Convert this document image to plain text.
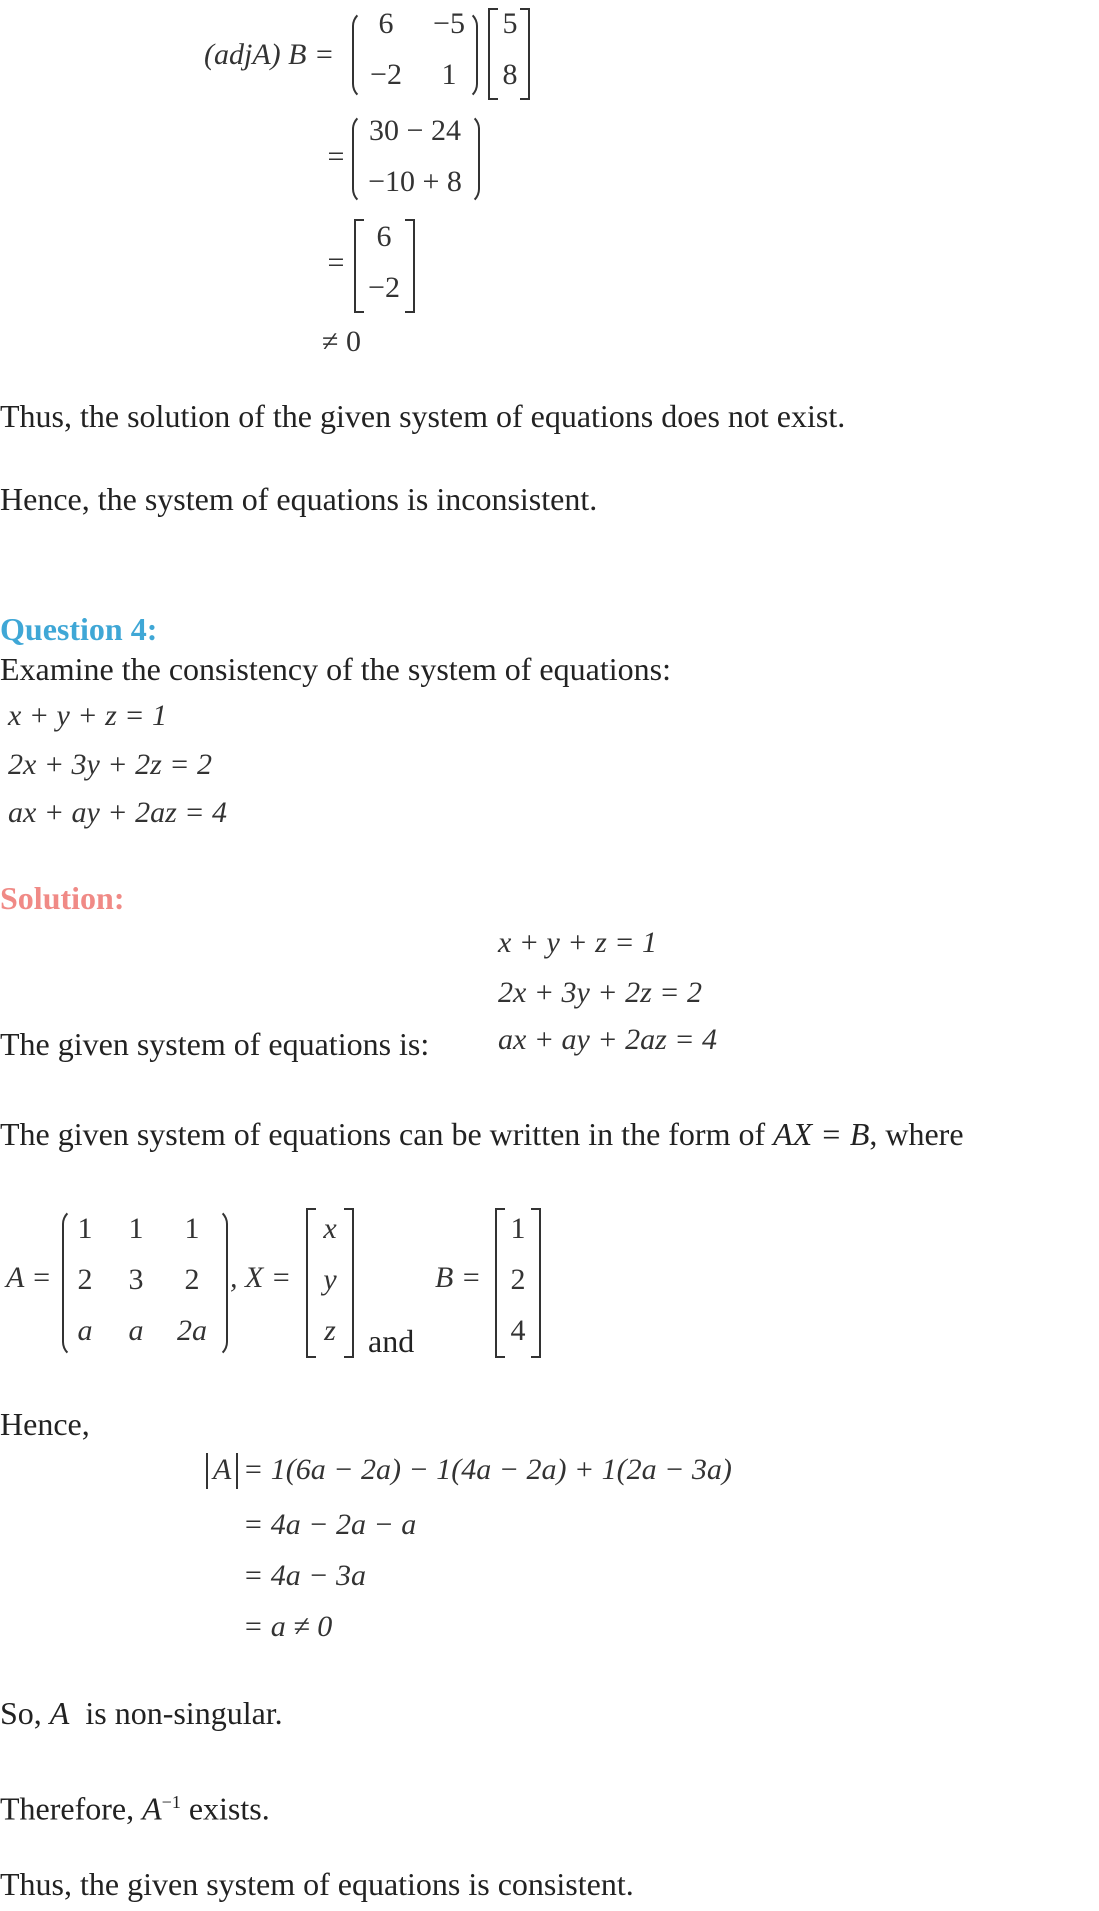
(adjA) B =
6 −5
−2 1
5
8
=
30 − 24
−10 + 8
=
6
−2
≠ 0
Thus, the solution of the given system of equations does not exist.
Hence, the system of equations is inconsistent.
Question 4:
Examine the consistency of the system of equations:
x + y + z = 1
2x + 3y + 2z = 2
ax + ay + 2az = 4
Solution:
x + y + z = 1
2x + 3y + 2z = 2
ax + ay + 2az = 4
The given system of equations is:
The given system of equations can be written in the form of AX = B, where
A =
1 1 1
2 3 2
a a 2a
, X =
x
y
z and
B =
1
2
4
Hence,
A = 1(6a − 2a) − 1(4a − 2a) + 1(2a − 3a)
= 4a − 2a − a
= 4a − 3a
= a ≠ 0
So, A is non-singular.
Therefore, $A^{-1}$ exists.
Thus, the given system of equations is consistent.
